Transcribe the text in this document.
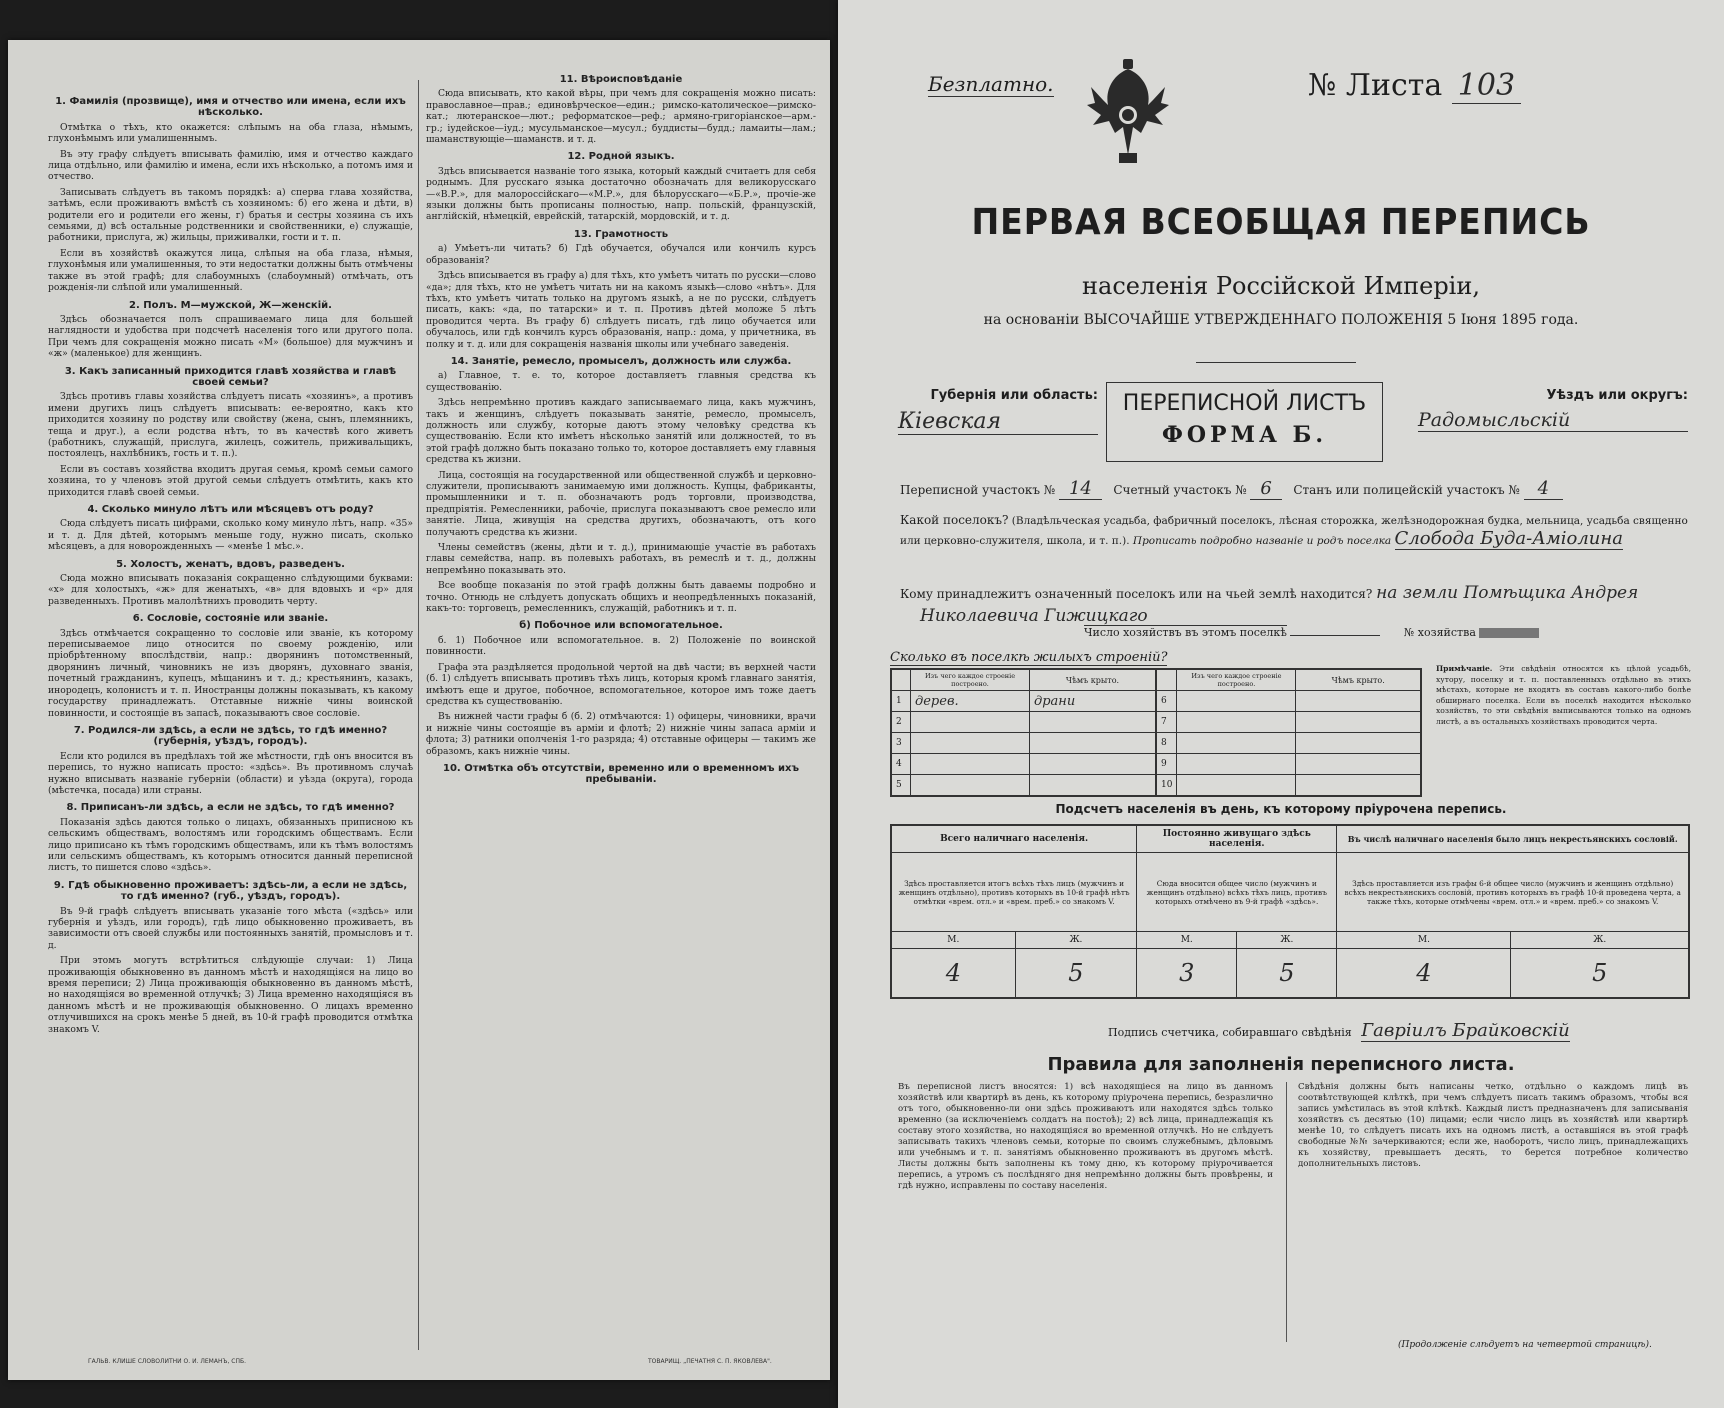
1. Фамилія (прозвище), имя и отчество или имена, если ихъ нѣсколько.

Отмѣтка о тѣхъ, кто окажется: слѣпымъ на оба глаза, нѣмымъ, глухонѣмымъ или умалишеннымъ.

Въ эту графу слѣдуетъ вписывать фамилію, имя и отчество каждаго лица отдѣльно, или фамилію и имена, если ихъ нѣсколько, а потомъ имя и отчество.

Записывать слѣдуетъ въ такомъ порядкѣ: а) сперва глава хозяйства, затѣмъ, если проживаютъ вмѣстѣ съ хозяиномъ: б) его жена и дѣти, в) родители его и родители его жены, г) братья и сестры хозяина съ ихъ семьями, д) всѣ остальные родственники и свойственники, е) служащіе, работники, прислуга, ж) жильцы, приживалки, гости и т. п.

Если въ хозяйствѣ окажутся лица, слѣпыя на оба глаза, нѣмыя, глухонѣмыя или умалишенныя, то эти недостатки должны быть отмѣчены также въ этой графѣ; для слабоумныхъ (слабоумный) отмѣчать, отъ рожденія-ли слѣпой или умалишенный.

2. Полъ. М—мужской, Ж—женскій.

Здѣсь обозначается полъ спрашиваемаго лица для большей наглядности и удобства при подсчетѣ населенія того или другого пола. При чемъ для сокращенія можно писать «М» (большое) для мужчинъ и «ж» (маленькое) для женщинъ.

3. Какъ записанный приходится главѣ хозяйства и главѣ своей семьи?

Здѣсь противъ главы хозяйства слѣдуетъ писать «хозяинъ», а противъ имени другихъ лицъ слѣдуетъ вписывать: ее-вероятно, какъ кто приходится хозяину по родству или свойству (жена, сынъ, племянникъ, теща и друг.), а если родства нѣтъ, то въ качествѣ кого живетъ (работникъ, служащій, прислуга, жилецъ, сожитель, приживальщикъ, постоялецъ, нахлѣбникъ, гость и т. п.).

Если въ составъ хозяйства входитъ другая семья, кромѣ семьи самого хозяина, то у членовъ этой другой семьи слѣдуетъ отмѣтить, какъ кто приходится главѣ своей семьи.

4. Сколько минуло лѣтъ или мѣсяцевъ отъ роду?

Сюда слѣдуетъ писать цифрами, сколько кому минуло лѣтъ, напр. «35» и т. д. Для дѣтей, которымъ меньше году, нужно писать, сколько мѣсяцевъ, а для новорожденныхъ — «менѣе 1 мѣс.».

5. Холостъ, женатъ, вдовъ, разведенъ.

Сюда можно вписывать показанія сокращенно слѣдующими буквами: «х» для холостыхъ, «ж» для женатыхъ, «в» для вдовыхъ и «р» для разведенныхъ. Противъ малолѣтнихъ проводить черту.

6. Сословіе, состояніе или званіе.

Здѣсь отмѣчается сокращенно то сословіе или званіе, къ которому переписываемое лицо относится по своему рожденію, или пріобрѣтенному впослѣдствіи, напр.: дворянинъ потомственный, дворянинъ личный, чиновникъ не изъ дворянъ, духовнаго званія, почетный гражданинъ, купецъ, мѣщанинъ и т. д.; крестьянинъ, казакъ, инородецъ, колонистъ и т. п. Иностранцы должны показывать, къ какому государству принадлежатъ. Отставные нижніе чины воинской повинности, и состоящіе въ запасѣ, показываютъ свое сословіе.

7. Родился-ли здѣсь, а если не здѣсь, то гдѣ именно? (губернія, уѣздъ, городъ).

Если кто родился въ предѣлахъ той же мѣстности, гдѣ онъ вносится въ перепись, то нужно написать просто: «здѣсь». Въ противномъ случаѣ нужно вписывать названіе губерніи (области) и уѣзда (округа), города (мѣстечка, посада) или страны.

8. Приписанъ-ли здѣсь, а если не здѣсь, то гдѣ именно?

Показанія здѣсь даются только о лицахъ, обязанныхъ приписною къ сельскимъ обществамъ, волостямъ или городскимъ обществамъ. Если лицо приписано къ тѣмъ городскимъ обществамъ, или къ тѣмъ волостямъ или сельскимъ обществамъ, къ которымъ относится данный переписной листъ, то пишется слово «здѣсь».

9. Гдѣ обыкновенно проживаетъ: здѣсь-ли, а если не здѣсь, то гдѣ именно? (губ., уѣздъ, городъ).

Въ 9-й графѣ слѣдуетъ вписывать указаніе того мѣста («здѣсь» или губернія и уѣздъ, или городъ), гдѣ лицо обыкновенно проживаетъ, въ зависимости отъ своей службы или постоянныхъ занятій, промысловъ и т. д.

При этомъ могутъ встрѣтиться слѣдующіе случаи: 1) Лица проживающія обыкновенно въ данномъ мѣстѣ и находящіяся на лицо во время переписи; 2) Лица проживающія обыкновенно въ данномъ мѣстѣ, но находящіяся во временной отлучкѣ; 3) Лица временно находящіяся въ данномъ мѣстѣ и не проживающія обыкновенно. О лицахъ временно отлучившихся на срокъ менѣе 5 дней, въ 10-й графѣ проводится отмѣтка знакомъ V.

11. Вѣроисповѣданіе

Сюда вписывать, кто какой вѣры, при чемъ для сокращенія можно писать: православное—прав.; единовѣрческое—един.; римско-католическое—римско-кат.; лютеранское—лют.; реформатское—реф.; армяно-григоріанское—арм.-гр.; іудейское—іуд.; мусульманское—мусул.; буддисты—будд.; ламаиты—лам.; шаманствующіе—шаманств. и т. д.

12. Родной языкъ.

Здѣсь вписывается названіе того языка, который каждый считаетъ для себя роднымъ. Для русскаго языка достаточно обозначать для великорусскаго—«В.Р.», для малороссійскаго—«М.Р.», для бѣлорусскаго—«Б.Р.», прочіе-же языки должны быть прописаны полностью, напр. польскій, французскій, англійскій, нѣмецкій, еврейскій, татарскій, мордовскій, и т. д.

13. Грамотность

а) Умѣетъ-ли читать? б) Гдѣ обучается, обучался или кончилъ курсъ образованія?

Здѣсь вписывается въ графу а) для тѣхъ, кто умѣетъ читать по русски—слово «да»; для тѣхъ, кто не умѣетъ читать ни на какомъ языкѣ—слово «нѣтъ». Для тѣхъ, кто умѣетъ читать только на другомъ языкѣ, а не по русски, слѣдуетъ писать, какъ: «да, по татарски» и т. п. Противъ дѣтей моложе 5 лѣтъ проводится черта. Въ графу б) слѣдуетъ писать, гдѣ лицо обучается или обучалось, или гдѣ кончилъ курсъ образованія, напр.: дома, у причетника, въ полку и т. д. или для сокращенія названія школы или учебнаго заведенія.

14. Занятіе, ремесло, промыселъ, должность или служба.

а) Главное, т. е. то, которое доставляетъ главныя средства къ существованію.

Здѣсь непремѣнно противъ каждаго записываемаго лица, какъ мужчинъ, такъ и женщинъ, слѣдуетъ показывать занятіе, ремесло, промыселъ, должность или службу, которые даютъ этому человѣку средства къ существованію. Если кто имѣетъ нѣсколько занятій или должностей, то въ этой графѣ должно быть показано только то, которое доставляетъ ему главныя средства къ жизни.

Лица, состоящія на государственной или общественной службѣ и церковно-служители, прописываютъ занимаемую ими должность. Купцы, фабриканты, промышленники и т. п. обозначаютъ родъ торговли, производства, предпріятія. Ремесленники, рабочіе, прислуга показываютъ свое ремесло или занятіе. Лица, живущія на средства другихъ, обозначаютъ, отъ кого получаютъ средства къ жизни.

Члены семействъ (жены, дѣти и т. д.), принимающіе участіе въ работахъ главы семейства, напр. въ полевыхъ работахъ, въ ремеслѣ и т. д., должны непремѣнно показывать это.

Все вообще показанія по этой графѣ должны быть даваемы подробно и точно. Отнюдь не слѣдуетъ допускать общихъ и неопредѣленныхъ показаній, какъ-то: торговецъ, ремесленникъ, служащій, работникъ и т. п.

б) Побочное или вспомогательное.

б. 1) Побочное или вспомогательное. в. 2) Положеніе по воинской повинности.

Графа эта раздѣляется продольной чертой на двѣ части; въ верхней части (б. 1) слѣдуетъ вписывать противъ тѣхъ лицъ, которыя кромѣ главнаго занятія, имѣютъ еще и другое, побочное, вспомогательное, которое имъ тоже даетъ средства къ существованію.

Въ нижней части графы б (б. 2) отмѣчаются: 1) офицеры, чиновники, врачи и нижніе чины состоящіе въ арміи и флотѣ; 2) нижніе чины запаса арміи и флота; 3) ратники ополченія 1-го разряда; 4) отставные офицеры — такимъ же образомъ, какъ нижніе чины.

10. Отмѣтка объ отсутствіи, временно или о временномъ ихъ пребываніи.
ГАЛЬВ. КЛИШЕ СЛОВОЛИТНИ О. И. ЛЕМАНЪ, СПБ.	ТОВАРИЩ. „ПЕЧАТНЯ С. П. ЯКОВЛЕВА".
Безплатно.	№ Листа 103
ПЕРВАЯ ВСЕОБЩАЯ ПЕРЕПИСЬ
населенія Россійской Имперіи,
на основаніи ВЫСОЧАЙШЕ УТВЕРЖДЕННАГО ПОЛОЖЕНІЯ 5 Іюня 1895 года.
Губернія или область:
Кіевская
ПЕРЕПИСНОЙ ЛИСТЪ
ФОРМА Б.
Уѣздъ или округъ:
Радомысльскій
Переписной участокъ № 14 Счетный участокъ № 6 Станъ или полицейскій участокъ № 4
Какой поселокъ? (Владѣльческая усадьба, фабричный поселокъ, лѣсная сторожка, желѣзнодорожная будка, мельница, усадьба священно или церковно-служителя, школа, и т. п.). Прописать подробно названіе и родъ поселка Слобода Буда-Аміолина
Кому принадлежитъ означенный поселокъ или на чьей землѣ находится? на земли Помѣщика Андрея
Николаевича Гижицкаго
Число хозяйствъ въ этомъ поселкѣ	№ хозяйства
Сколько въ поселкѣ жилыхъ строеній?
	Изъ чего каждое строеніе построено.	Чѣмъ крыто.
1	дерев.	драни
2		
3		
4		
5		
	Изъ чего каждое строеніе построено.	Чѣмъ крыто.
6		
7		
8		
9		
10		
Примѣчаніе. Эти свѣдѣнія относятся къ цѣлой усадьбѣ, хутору, поселку и т. п. поставленныхъ отдѣльно въ этихъ мѣстахъ, которые не входятъ въ составъ какого-либо болѣе обширнаго поселка. Если въ поселкѣ находится нѣсколько хозяйствъ, то эти свѣдѣнія выписываются только на одномъ листѣ, а въ остальныхъ хозяйствахъ проводится черта.
Подсчетъ населенія въ день, къ которому пріурочена перепись.
Всего наличнаго населенія.		Постоянно живущаго здѣсь населенія.		Въ числѣ наличнаго населенія было лицъ некрестьянскихъ сословій.	
Здѣсь проставляется итогъ всѣхъ тѣхъ лицъ (мужчинъ и женщинъ отдѣльно), противъ которыхъ въ 10-й графѣ нѣтъ отмѣтки «врем. отл.» и «врем. преб.» со знакомъ V.		Сюда вносится общее число (мужчинъ и женщинъ отдѣльно) всѣхъ тѣхъ лицъ, противъ которыхъ отмѣчено въ 9-й графѣ «здѣсь».		Здѣсь проставляется изъ графы 6-й общее число (мужчинъ и женщинъ отдѣльно) всѣхъ некрестьянскихъ сословій, противъ которыхъ въ графѣ 10-й проведена черта, а также тѣхъ, которые отмѣчены «врем. отл.» и «врем. преб.» со знакомъ V.	
М.	Ж.	М.	Ж.	М.	Ж.
4	5	3	5	4	5
Подпись счетчика, собиравшаго свѣдѣнія Гавріилъ Брайковскій
Правила для заполненія переписного листа.
Въ переписной листъ вносятся: 1) всѣ находящіеся на лицо въ данномъ хозяйствѣ или квартирѣ въ день, къ которому пріурочена перепись, безразлично отъ того, обыкновенно-ли они здѣсь проживаютъ или находятся здѣсь только временно (за исключеніемъ солдатъ на постоѣ); 2) всѣ лица, принадлежащія къ составу этого хозяйства, но находящіяся во временной отлучкѣ. Но не слѣдуетъ записывать такихъ членовъ семьи, которые по своимъ служебнымъ, дѣловымъ или учебнымъ и т. п. занятіямъ обыкновенно проживаютъ въ другомъ мѣстѣ. Листы должны быть заполнены къ тому дню, къ которому пріурочивается перепись, а утромъ съ послѣдняго дня непремѣнно должны быть провѣрены, и гдѣ нужно, исправлены по составу населенія.
Свѣдѣнія должны быть написаны четко, отдѣльно о каждомъ лицѣ въ соотвѣтствующей клѣткѣ, при чемъ слѣдуетъ писать такимъ образомъ, чтобы вся запись умѣстилась въ этой клѣткѣ. Каждый листъ предназначенъ для записыванія хозяйствъ съ десятью (10) лицами; если число лицъ въ хозяйствѣ или квартирѣ менѣе 10, то слѣдуетъ писать ихъ на одномъ листѣ, а оставшіяся въ этой графѣ свободные №№ зачеркиваются; если же, наоборотъ, число лицъ, принадлежащихъ къ хозяйству, превышаетъ десять, то берется потребное количество дополнительныхъ листовъ.
(Продолженіе слѣдуетъ на четвертой страницѣ).
